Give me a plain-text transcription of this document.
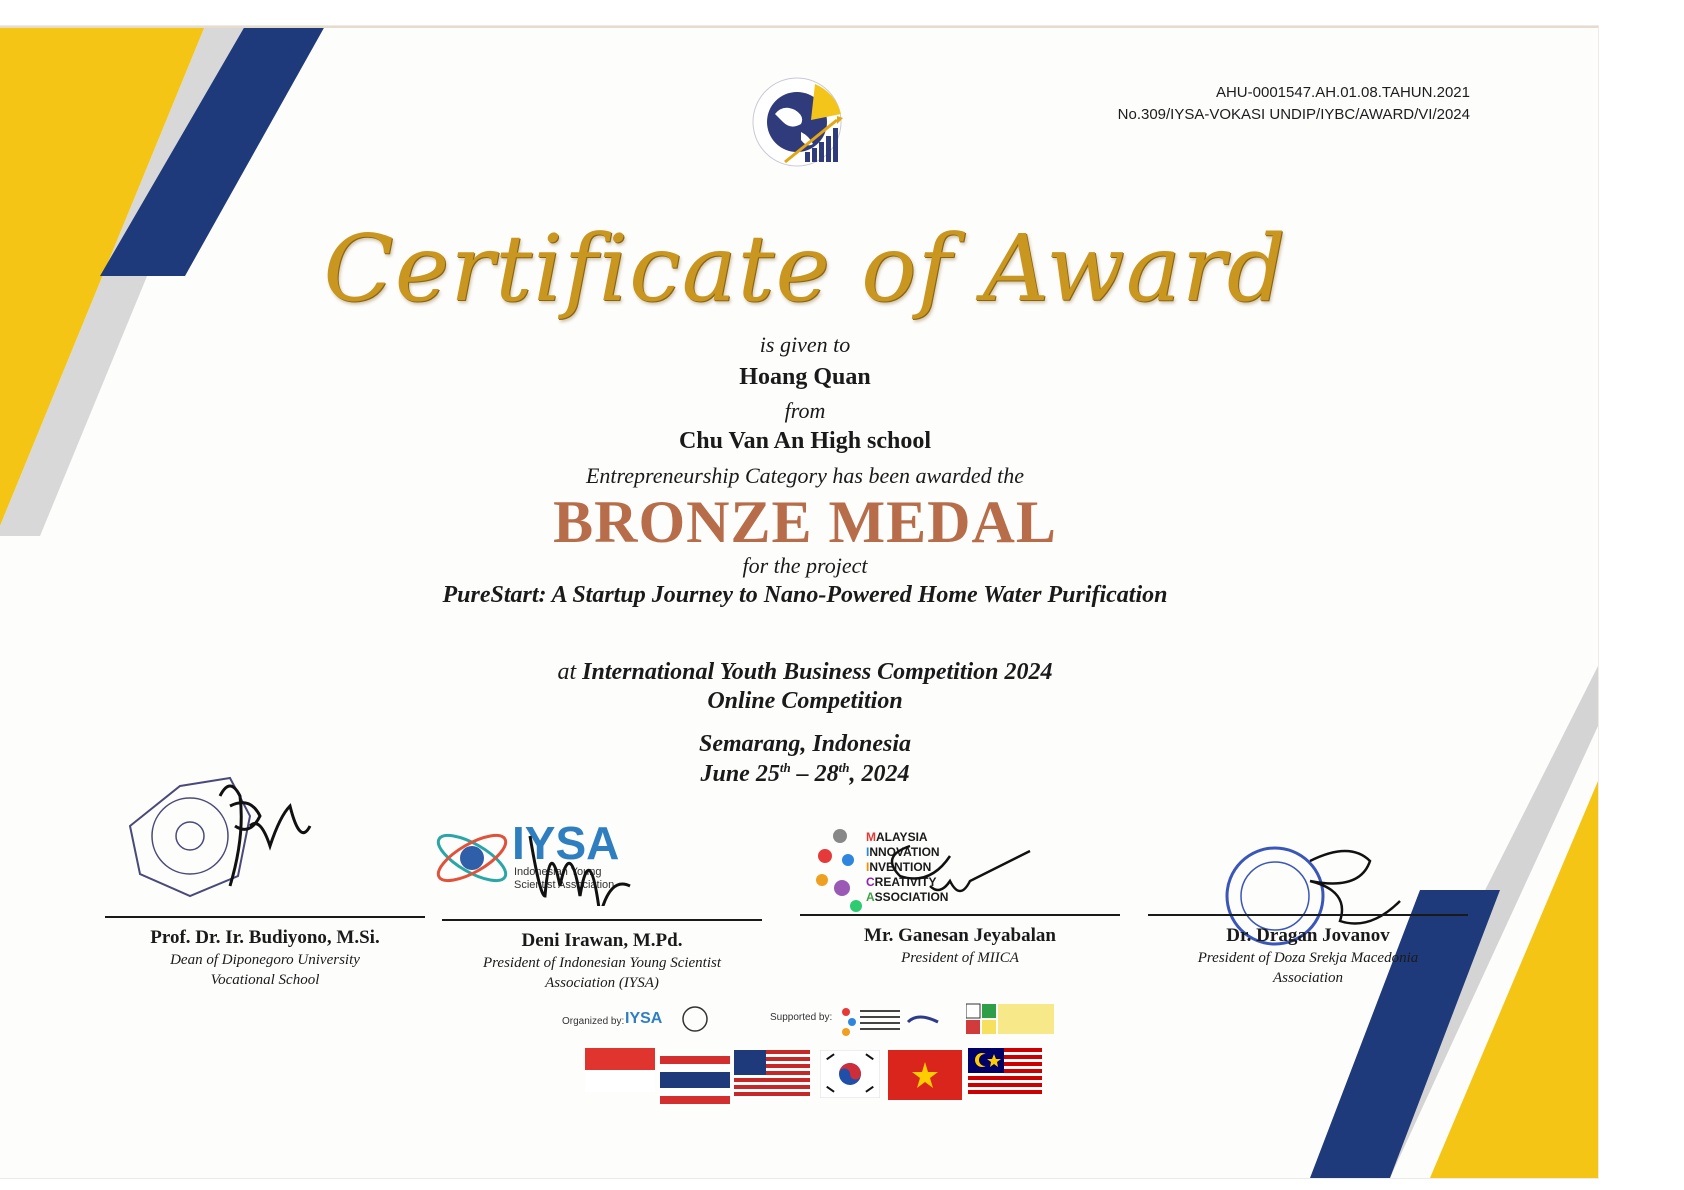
AHU-0001547.AH.01.08.TAHUN.2021
No.309/IYSA-VOKASI UNDIP/IYBC/AWARD/VI/2024
Certificate of Award
is given to
Hoang Quan
from
Chu Van An High school
Entrepreneurship Category has been awarded the
BRONZE MEDAL
for the project
PureStart: A Startup Journey to Nano-Powered Home Water Purification
at International Youth Business Competition 2024
Online Competition
Semarang, Indonesia
June 25th – 28th, 2024
IYSA
Indonesian Young
Scientist Association
MALAYSIA
INNOVATION
INVENTION
CREATIVITY
ASSOCIATION
Prof. Dr. Ir. Budiyono, M.Si.
Dean of Diponegoro University Vocational School
Deni Irawan, M.Pd.
President of Indonesian Young Scientist Association (IYSA)
Mr. Ganesan Jeyabalan
President of MIICA
Dr. Dragan Jovanov
President of Doza Srekja Macedonia Association
Organized by: IYSA	Supported by:
